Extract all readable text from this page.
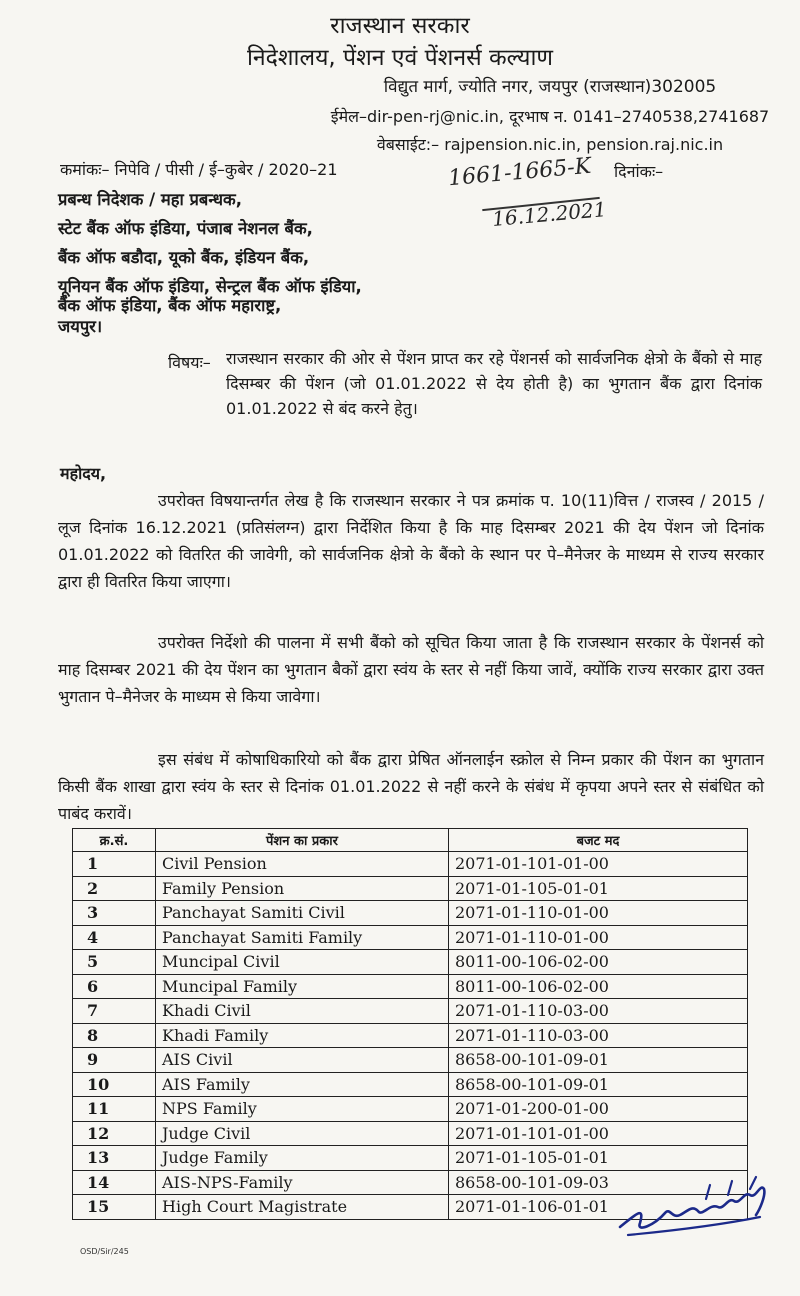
राजस्थान सरकार
निदेशालय, पेंशन एवं पेंशनर्स कल्याण
विद्युत मार्ग, ज्योति नगर, जयपुर (राजस्थान)302005
ईमेल–dir-pen-rj@nic.in, दूरभाष न. 0141–2740538,2741687
वेबसाईट:– rajpension.nic.in, pension.raj.nic.in
कमांकः– निपेवि / पीसी / ई–कुबेर / 2020–21	दिनांकः–
1661-1665-K
16.12.2021
प्रबन्ध निदेशक / महा प्रबन्धक,
स्टेट बैंक ऑफ इंडिया, पंजाब नेशनल बैंक,
बैंक ऑफ बडौदा, यूको बैंक, इंडियन बैंक,
यूनियन बैंक ऑफ इंडिया, सेन्ट्रल बैंक ऑफ इंडिया,
बैंक ऑफ इंडिया, बैंक ऑफ महाराष्ट्र,
जयपुर।
विषयः– राजस्थान सरकार की ओर से पेंशन प्राप्त कर रहे पेंशनर्स को सार्वजनिक क्षेत्रो के बैंको से माह दिसम्बर की पेंशन (जो 01.01.2022 से देय होती है) का भुगतान बैंक द्वारा दिनांक 01.01.2022 से बंद करने हेतु।
महोदय,

उपरोक्त विषयान्तर्गत लेख है कि राजस्थान सरकार ने पत्र क्रमांक प. 10(11)वित्त / राजस्व / 2015 / लूज दिनांक 16.12.2021 (प्रतिसंलग्न) द्वारा निर्देशित किया है कि माह दिसम्बर 2021 की देय पेंशन जो दिनांक 01.01.2022 को वितरित की जावेगी, को सार्वजनिक क्षेत्रो के बैंको के स्थान पर पे–मैनेजर के माध्यम से राज्य सरकार द्वारा ही वितरित किया जाएगा।

उपरोक्त निर्देशो की पालना में सभी बैंको को सूचित किया जाता है कि राजस्थान सरकार के पेंशनर्स को माह दिसम्बर 2021 की देय पेंशन का भुगतान बैकों द्वारा स्वंय के स्तर से नहीं किया जावें, क्योंकि राज्य सरकार द्वारा उक्त भुगतान पे–मैनेजर के माध्यम से किया जावेगा।

इस संबंध में कोषाधिकारियो को बैंक द्वारा प्रेषित ऑनलाईन स्क्रोल से निम्न प्रकार की पेंशन का भुगतान किसी बैंक शाखा द्वारा स्वंय के स्तर से दिनांक 01.01.2022 से नहीं करने के संबंध में कृपया अपने स्तर से संबंधित को पाबंद करावें।

क्र.सं.	पेंशन का प्रकार	बजट मद
1	Civil Pension	2071-01-101-01-00
2	Family Pension	2071-01-105-01-01
3	Panchayat Samiti Civil	2071-01-110-01-00
4	Panchayat Samiti Family	2071-01-110-01-00
5	Muncipal Civil	8011-00-106-02-00
6	Muncipal Family	8011-00-106-02-00
7	Khadi Civil	2071-01-110-03-00
8	Khadi Family	2071-01-110-03-00
9	AIS Civil	8658-00-101-09-01
10	AIS Family	8658-00-101-09-01
11	NPS Family	2071-01-200-01-00
12	Judge Civil	2071-01-101-01-00
13	Judge Family	2071-01-105-01-01
14	AIS-NPS-Family	8658-00-101-09-03
15	High Court Magistrate	2071-01-106-01-01
OSD/Sir/245
